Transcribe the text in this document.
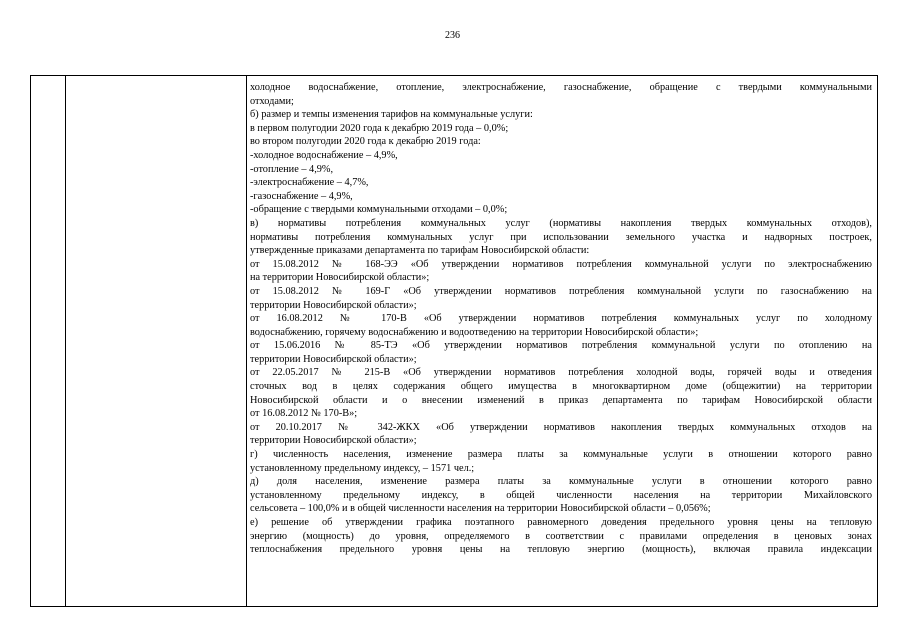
236
холодное водоснабжение, отопление, электроснабжение, газоснабжение, обращение с твердыми коммунальными
отходами;
б) размер и темпы изменения тарифов на коммунальные услуги:
в первом полугодии 2020 года к декабрю 2019 года – 0,0%;
во втором полугодии 2020 года к декабрю 2019 года:
-холодное водоснабжение – 4,9%,
-отопление – 4,9%,
-электроснабжение – 4,7%,
-газоснабжение – 4,9%,
-обращение с твердыми коммунальными отходами – 0,0%;
в) нормативы потребления коммунальных услуг (нормативы накопления твердых коммунальных отходов),
нормативы потребления коммунальных услуг при использовании земельного участка и надворных построек,
утвержденные приказами департамента по тарифам Новосибирской области:
от 15.08.2012 № 168-ЭЭ «Об утверждении нормативов потребления коммунальной услуги по электроснабжению
на территории Новосибирской области»;
от 15.08.2012 № 169-Г «Об утверждении нормативов потребления коммунальной услуги по газоснабжению на
территории Новосибирской области»;
от 16.08.2012 № 170-В «Об утверждении нормативов потребления коммунальных услуг по холодному
водоснабжению, горячему водоснабжению и водоотведению на территории Новосибирской области»;
от 15.06.2016 № 85-ТЭ «Об утверждении нормативов потребления коммунальной услуги по отоплению на
территории Новосибирской области»;
от 22.05.2017 № 215-В «Об утверждении нормативов потребления холодной воды, горячей воды и отведения
сточных вод в целях содержания общего имущества в многоквартирном доме (общежитии) на территории
Новосибирской области и о внесении изменений в приказ департамента по тарифам Новосибирской области
от 16.08.2012 № 170-В»;
от 20.10.2017 № 342-ЖКХ «Об утверждении нормативов накопления твердых коммунальных отходов на
территории Новосибирской области»;
г) численность населения, изменение размера платы за коммунальные услуги в отношении которого равно
установленному предельному индексу, – 1571 чел.;
д) доля населения, изменение размера платы за коммунальные услуги в отношении которого равно
установленному предельному индексу, в общей численности населения на территории Михайловского
сельсовета – 100,0% и в общей численности населения на территории Новосибирской области – 0,056%;
е) решение об утверждении графика поэтапного равномерного доведения предельного уровня цены на тепловую
энергию (мощность) до уровня, определяемого в соответствии с правилами определения в ценовых зонах
теплоснабжения предельного уровня цены на тепловую энергию (мощность), включая правила индексации
